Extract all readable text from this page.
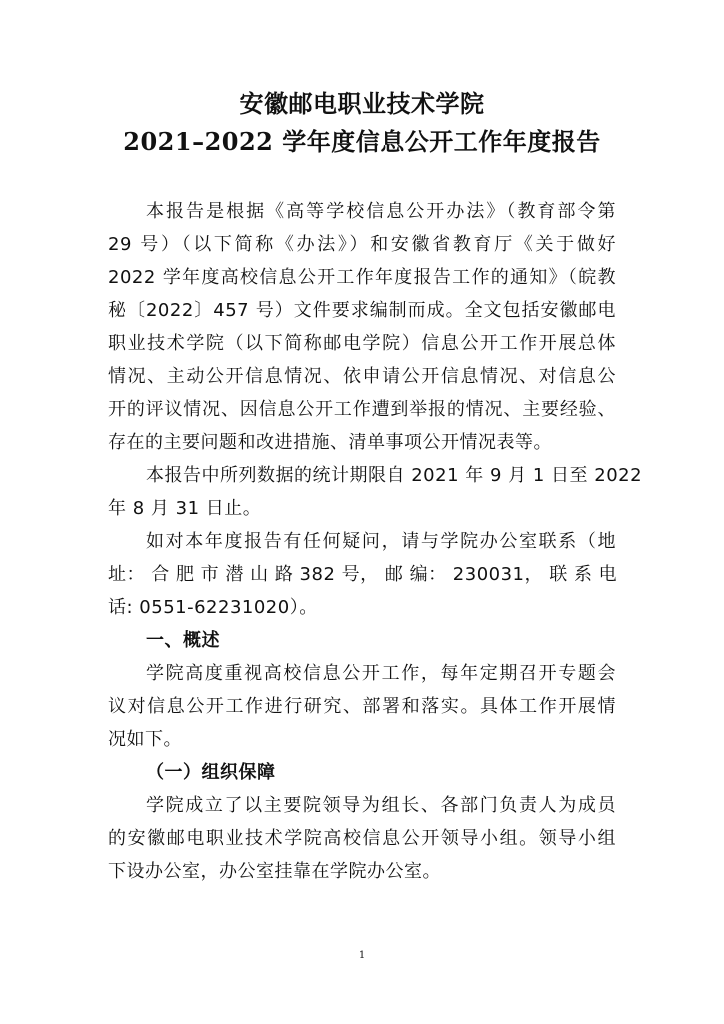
安徽邮电职业技术学院
2021–2022 学年度信息公开工作年度报告
本报告是根据《高等学校信息公开办法》（教育部令第
29 号）（以下简称《办法》）和安徽省教育厅《关于做好
2022 学年度高校信息公开工作年度报告工作的通知》（皖教
秘〔2022〕457 号）文件要求编制而成。全文包括安徽邮电
职业技术学院（以下简称邮电学院）信息公开工作开展总体
情况、主动公开信息情况、依申请公开信息情况、对信息公
开的评议情况、因信息公开工作遭到举报的情况、主要经验、
存在的主要问题和改进措施、清单事项公开情况表等。
本报告中所列数据的统计期限自 2021 年 9 月 1 日至 2022
年 8 月 31 日止。
如对本年度报告有任何疑问，请与学院办公室联系（地
址： 合 肥 市 潜 山 路 382 号， 邮 编： 230031， 联 系 电
话: 0551-62231020）。
一、概述
学院高度重视高校信息公开工作，每年定期召开专题会
议对信息公开工作进行研究、部署和落实。具体工作开展情
况如下。
（一）组织保障
学院成立了以主要院领导为组长、各部门负责人为成员
的安徽邮电职业技术学院高校信息公开领导小组。领导小组
下设办公室，办公室挂靠在学院办公室。
1
